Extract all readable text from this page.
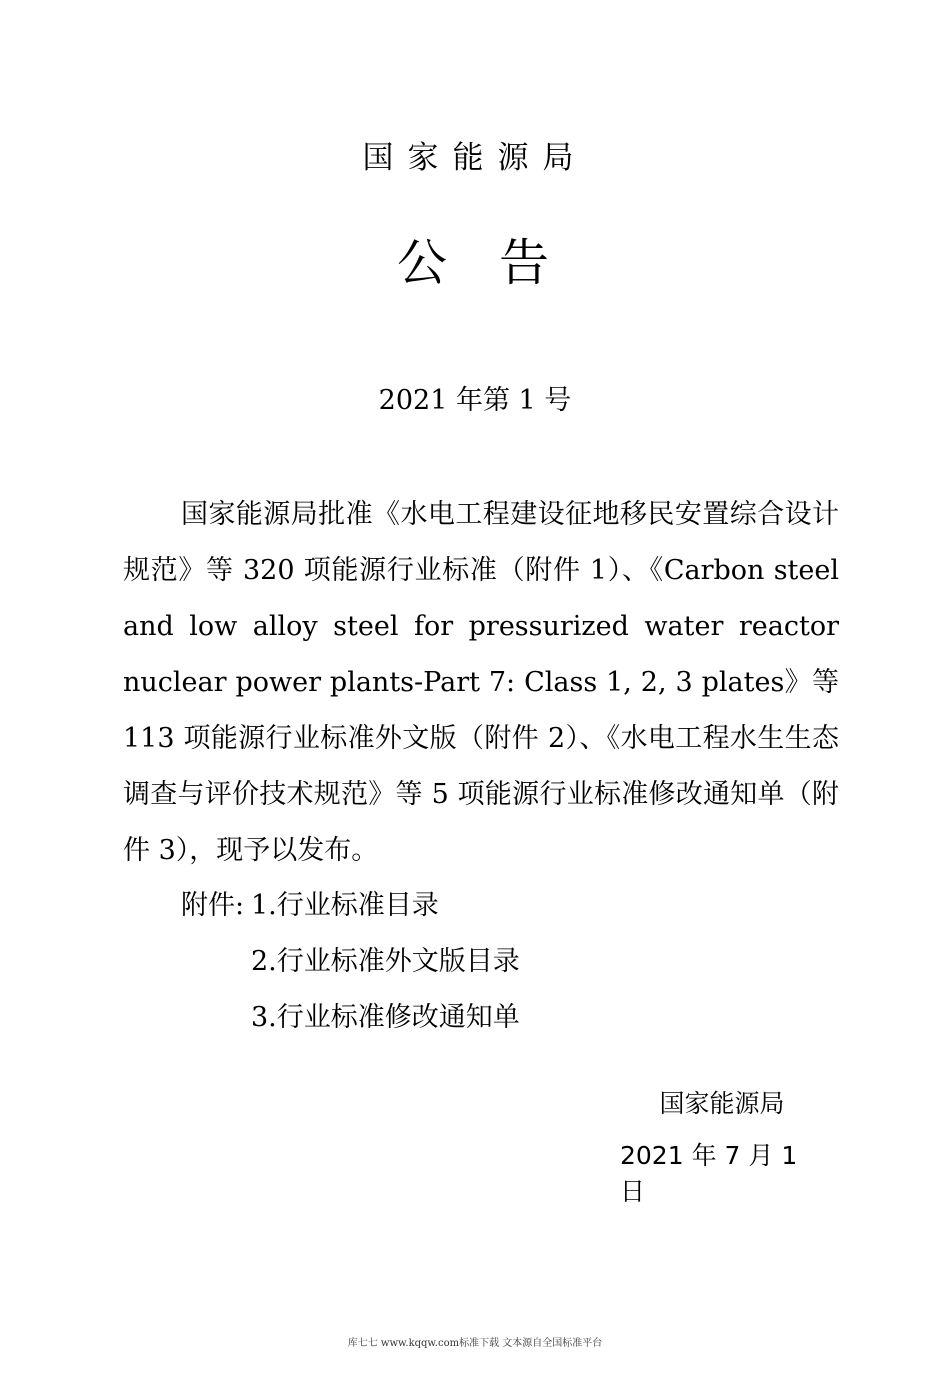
国家能源局
公告
2021 年第 1 号

国家能源局批准《水电工程建设征地移民安置综合设计规范》等 320 项能源行业标准（附件 1）、《Carbon steel and low alloy steel for pressurized water reactor nuclear power plants-Part 7: Class 1, 2, 3 plates》等 113 项能源行业标准外文版（附件 2）、《水电工程水生生态调查与评价技术规范》等 5 项能源行业标准修改通知单（附件 3），现予以发布。

附件: 1.行业标准目录
2.行业标准外文版目录
3.行业标准修改通知单
国家能源局
2021 年 7 月 1 日
库七七 www.kqqw.com标准下载 文本源自全国标准平台
